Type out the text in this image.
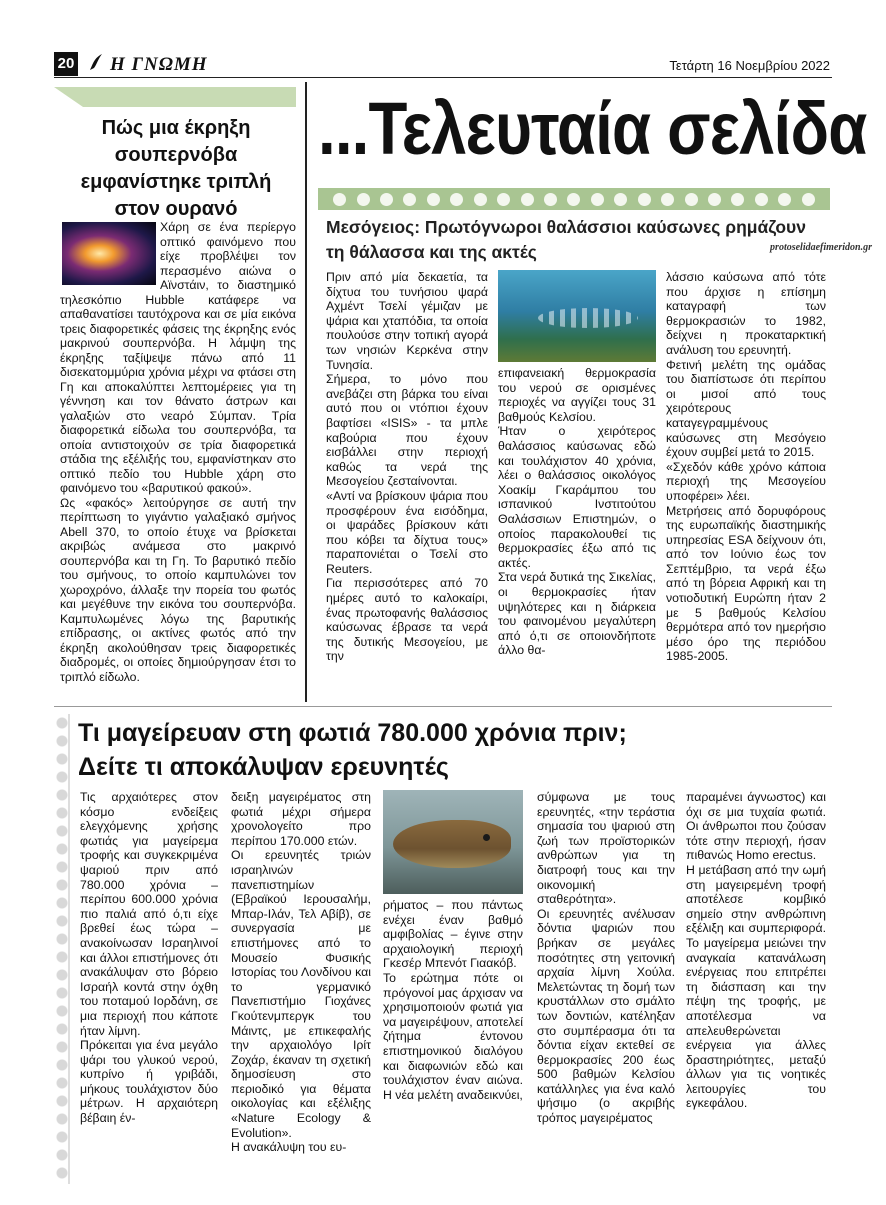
20	Η ΓΝΩΜΗ	Τετάρτη 16 Νοεμβρίου 2022
Πώς μια έκρηξη σουπερνόβα εμφανίστηκε τριπλή στον ουρανό

Χάρη σε ένα περίεργο οπτικό φαινόμενο που είχε προβλέψει τον περασμένο αιώνα ο Αϊνστάιν, το διαστημικό τηλεσκόπιο Hubble κατάφερε να απαθανατίσει ταυτόχρονα και σε μία εικόνα τρεις διαφορετικές φάσεις της έκρηξης ενός μακρινού σουπερνόβα. Η λάμψη της έκρηξης ταξίψεψε πάνω από 11 δισεκατομμύρια χρόνια μέχρι να φτάσει στη Γη και αποκαλύπτει λεπτομέρειες για τη γέννηση και τον θάνατο άστρων και γαλαξιών στο νεαρό Σύμπαν. Τρία διαφορετικά είδωλα του σουπερνόβα, τα οποία αντιστοιχούν σε τρία διαφορετικά στάδια της εξέλιξής του, εμφανίστηκαν στο οπτικό πεδίο του Hubble χάρη στο φαινόμενο του «βαρυτικού φακού».

Ως «φακός» λειτούργησε σε αυτή την περίπτωση το γιγάντιο γαλαξιακό σμήνος Abell 370, το οποίο έτυχε να βρίσκεται ακριβώς ανάμεσα στο μακρινό σουπερνόβα και τη Γη. Το βαρυτικό πεδίο του σμήνους, το οποίο καμπυλώνει τον χωροχρόνο, άλλαξε την πορεία του φωτός και μεγέθυνε την εικόνα του σουπερνόβα. Καμπυλωμένες λόγω της βαρυτικής επίδρασης, οι ακτίνες φωτός από την έκρηξη ακολούθησαν τρεις διαφορετικές διαδρομές, οι οποίες δημιούργησαν έτσι το τριπλό είδωλο.

...Τελευταία σελίδα
Μεσόγειος: Πρωτόγνωροι θαλάσσιοι καύσωνες ρημάζουν τη θάλασσα και της ακτές	protoselidaefimeridon.gr

Πριν από μία δεκαετία, τα δίχτυα του τυνήσιου ψαρά Αχμέντ Τσελί γέμιζαν με ψάρια και χταπόδια, τα οποία πουλούσε στην τοπική αγορά των νησιών Κερκένα στην Τυνησία.

Σήμερα, το μόνο που ανεβάζει στη βάρκα του είναι αυτό που οι ντόπιοι έχουν βαφτίσει «ISIS» - τα μπλε καβούρια που έχουν εισβάλλει στην περιοχή καθώς τα νερά της Μεσογείου ζεσταίνονται.

«Αντί να βρίσκουν ψάρια που προσφέρουν ένα εισόδημα, οι ψαράδες βρίσκουν κάτι που κόβει τα δίχτυα τους» παραπονιέται ο Τσελί στο Reuters.

Για περισσότερες από 70 ημέρες αυτό το καλοκαίρι, ένας πρωτοφανής θαλάσσιος καύσωνας έβρασε τα νερά της δυτικής Μεσογείου, με την

επιφανειακή θερμοκρασία του νερού σε ορισμένες περιοχές να αγγίζει τους 31 βαθμούς Κελσίου.

Ήταν ο χειρότερος θαλάσσιος καύσωνας εδώ και τουλάχιστον 40 χρόνια, λέει ο θαλάσσιος οικολόγος Χοακίμ Γκαράμπου του ισπανικού Ινστιτούτου Θαλάσσιων Επιστημών, ο οποίος παρακολουθεί τις θερμοκρασίες έξω από τις ακτές.

Στα νερά δυτικά της Σικελίας, οι θερμοκρασίες ήταν υψηλότερες και η διάρκεια του φαινομένου μεγαλύτερη από ό,τι σε οποιονδήποτε άλλο θα-

λάσσιο καύσωνα από τότε που άρχισε η επίσημη καταγραφή των θερμοκρασιών το 1982, δείχνει η προκαταρκτική ανάλυση του ερευνητή.

Φετινή μελέτη της ομάδας του διαπίστωσε ότι περίπου οι μισοί από τους χειρότερους καταγεγραμμένους καύσωνες στη Μεσόγειο έχουν συμβεί μετά το 2015.

«Σχεδόν κάθε χρόνο κάποια περιοχή της Μεσογείου υποφέρει» λέει.

Μετρήσεις από δορυφόρους της ευρωπαϊκής διαστημικής υπηρεσίας ESA δείχνουν ότι, από τον Ιούνιο έως τον Σεπτέμβριο, τα νερά έξω από τη βόρεια Αφρική και τη νοτιοδυτική Ευρώπη ήταν 2 με 5 βαθμούς Κελσίου θερμότερα από τον ημερήσιο μέσο όρο της περιόδου 1985-2005.

Τι μαγείρευαν στη φωτιά 780.000 χρόνια πριν;
Δείτε τι αποκάλυψαν ερευνητές

Τις αρχαιότερες στον κόσμο ενδείξεις ελεγχόμενης χρήσης φωτιάς για μαγείρεμα τροφής και συγκεκριμένα ψαριού πριν από 780.000 χρόνια – περίπου 600.000 χρόνια πιο παλιά από ό,τι είχε βρεθεί έως τώρα – ανακοίνωσαν Ισραηλινοί και άλλοι επιστήμονες ότι ανακάλυψαν στο βόρειο Ισραήλ κοντά στην όχθη του ποταμού Ιορδάνη, σε μια περιοχή που κάποτε ήταν λίμνη.

Πρόκειται για ένα μεγάλο ψάρι του γλυκού νερού, κυπρίνο ή γριβάδι, μήκους τουλάχιστον δύο μέτρων. Η αρχαιότερη βέβαιη έν-

δειξη μαγειρέματος στη φωτιά μέχρι σήμερα χρονολογείτο προ περίπου 170.000 ετών.

Οι ερευνητές τριών ισραηλινών πανεπιστημίων (Εβραϊκού Ιερουσαλήμ, Μπαρ-Ιλάν, Τελ Αβίβ), σε συνεργασία με επιστήμονες από το Μουσείο Φυσικής Ιστορίας του Λονδίνου και το γερμανικό Πανεπιστήμιο Γιοχάνες Γκούτενμπεργκ του Μάιντς, με επικεφαλής την αρχαιολόγο Ιρίτ Ζοχάρ, έκαναν τη σχετική δημοσίευση στο περιοδικό για θέματα οικολογίας και εξέλιξης «Nature Ecology & Evolution».

Η ανακάλυψη του ευ-

ρήματος – που πάντως ενέχει έναν βαθμό αμφιβολίας – έγινε στην αρχαιολογική περιοχή Γκεσέρ Μπενότ Γιαακόβ.

Το ερώτημα πότε οι πρόγονοί μας άρχισαν να χρησιμοποιούν φωτιά για να μαγειρέψουν, αποτελεί ζήτημα έντονου επιστημονικού διαλόγου και διαφωνιών εδώ και τουλάχιστον έναν αιώνα. Η νέα μελέτη αναδεικνύει,

σύμφωνα με τους ερευνητές, «την τεράστια σημασία του ψαριού στη ζωή των προϊστορικών ανθρώπων για τη διατροφή τους και την οικονομική σταθερότητα».

Οι ερευνητές ανέλυσαν δόντια ψαριών που βρήκαν σε μεγάλες ποσότητες στη γειτονική αρχαία λίμνη Χούλα. Μελετώντας τη δομή των κρυστάλλων στο σμάλτο των δοντιών, κατέληξαν στο συμπέρασμα ότι τα δόντια είχαν εκτεθεί σε θερμοκρασίες 200 έως 500 βαθμών Κελσίου κατάλληλες για ένα καλό ψήσιμο (ο ακριβής τρόπος μαγειρέματος

παραμένει άγνωστος) και όχι σε μια τυχαία φωτιά. Οι άνθρωποι που ζούσαν τότε στην περιοχή, ήσαν πιθανώς Homo erectus.

Η μετάβαση από την ωμή στη μαγειρεμένη τροφή αποτέλεσε κομβικό σημείο στην ανθρώπινη εξέλιξη και συμπεριφορά. Το μαγείρεμα μειώνει την αναγκαία κατανάλωση ενέργειας που επιτρέπει τη διάσπαση και την πέψη της τροφής, με αποτέλεσμα να απελευθερώνεται ενέργεια για άλλες δραστηριότητες, μεταξύ άλλων για τις νοητικές λειτουργίες του εγκεφάλου.
